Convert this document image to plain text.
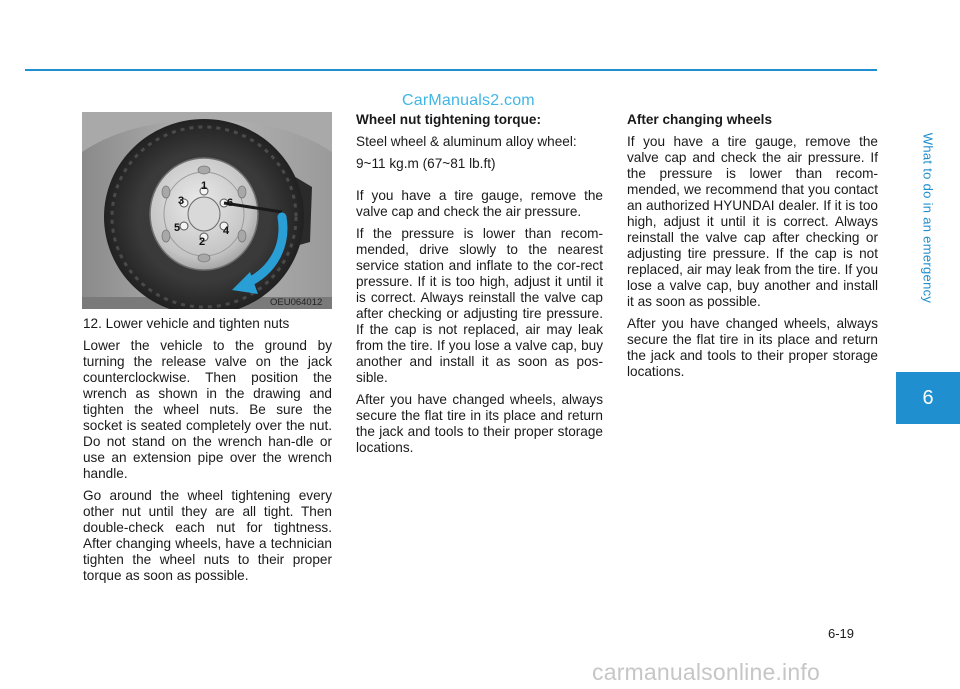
CarManuals2.com
1
2
3
4
5
6
OEU064012

12. Lower vehicle and tighten nuts

Lower the vehicle to the ground by turning the release valve on the jack counterclockwise. Then position the wrench as shown in the drawing and tighten the wheel nuts. Be sure the socket is seated completely over the nut. Do not stand on the wrench han-dle or use an extension pipe over the wrench handle.

Go around the wheel tightening every other nut until they are all tight. Then double-check each nut for tightness. After changing wheels, have a technician tighten the wheel nuts to their proper torque as soon as possible.

Wheel nut tightening torque:

Steel wheel & aluminum alloy wheel:

9~11 kg.m (67~81 lb.ft)

If you have a tire gauge, remove the valve cap and check the air pressure.

If the pressure is lower than recom-mended, drive slowly to the nearest service station and inflate to the cor-rect pressure. If it is too high, adjust it until it is correct. Always reinstall the valve cap after checking or adjusting tire pressure. If the cap is not replaced, air may leak from the tire. If you lose a valve cap, buy another and install it as soon as pos-sible.

After you have changed wheels, always secure the flat tire in its place and return the jack and tools to their proper storage locations.

After changing wheels

If you have a tire gauge, remove the valve cap and check the air pressure. If the pressure is lower than recom-mended, we recommend that you contact an authorized HYUNDAI dealer. If it is too high, adjust it until it is correct. Always reinstall the valve cap after checking or adjusting tire pressure. If the cap is not replaced, air may leak from the tire. If you lose a valve cap, buy another and install it as soon as possible.

After you have changed wheels, always secure the flat tire in its place and return the jack and tools to their proper storage locations.

What to do in an emergency
6
6-19
carmanualsonline.info
